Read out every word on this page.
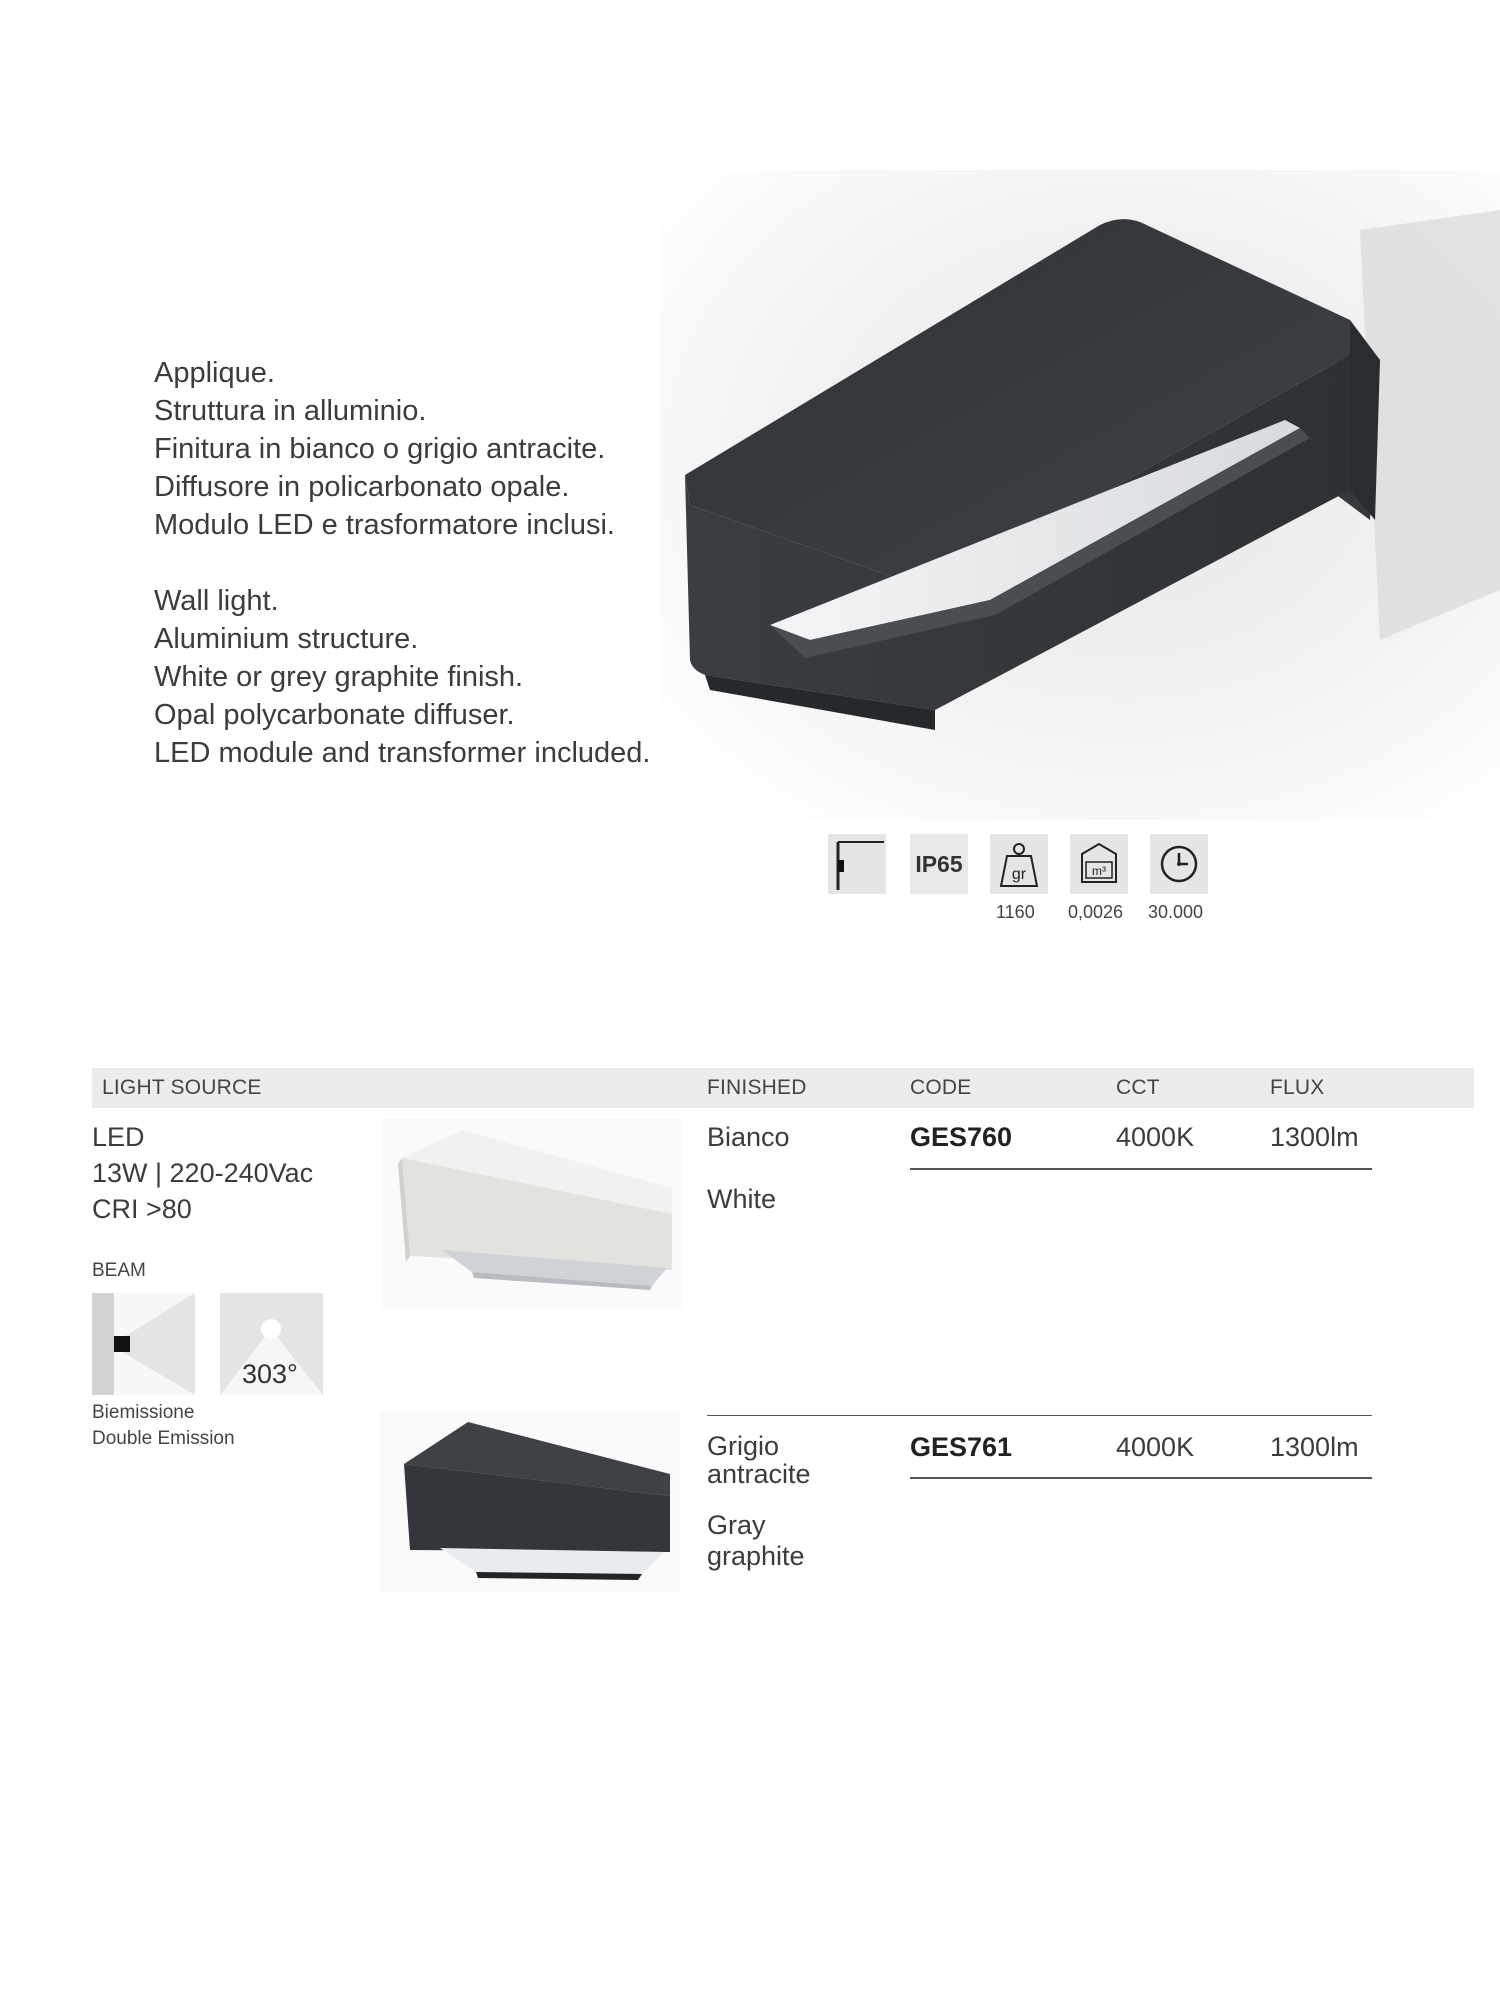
Applique.
Struttura in alluminio.
Finitura in bianco o grigio antracite.
Diffusore in policarbonato opale.
Modulo LED e trasformatore inclusi.
Wall light.
Aluminium structure.
White or grey graphite finish.
Opal polycarbonate diffuser.
LED module and transformer included.
IP65	gr	m³
1160 0,0026 30.000
LIGHT SOURCE	FINISHED	CODE	CCT	FLUX
LED
13W | 220-240Vac
CRI >80
BEAM
303°
Biemissione
Double Emission
Bianco
White
GES760	4000K	1300lm
Grigio antracite
Gray graphite
GES761	4000K	1300lm
